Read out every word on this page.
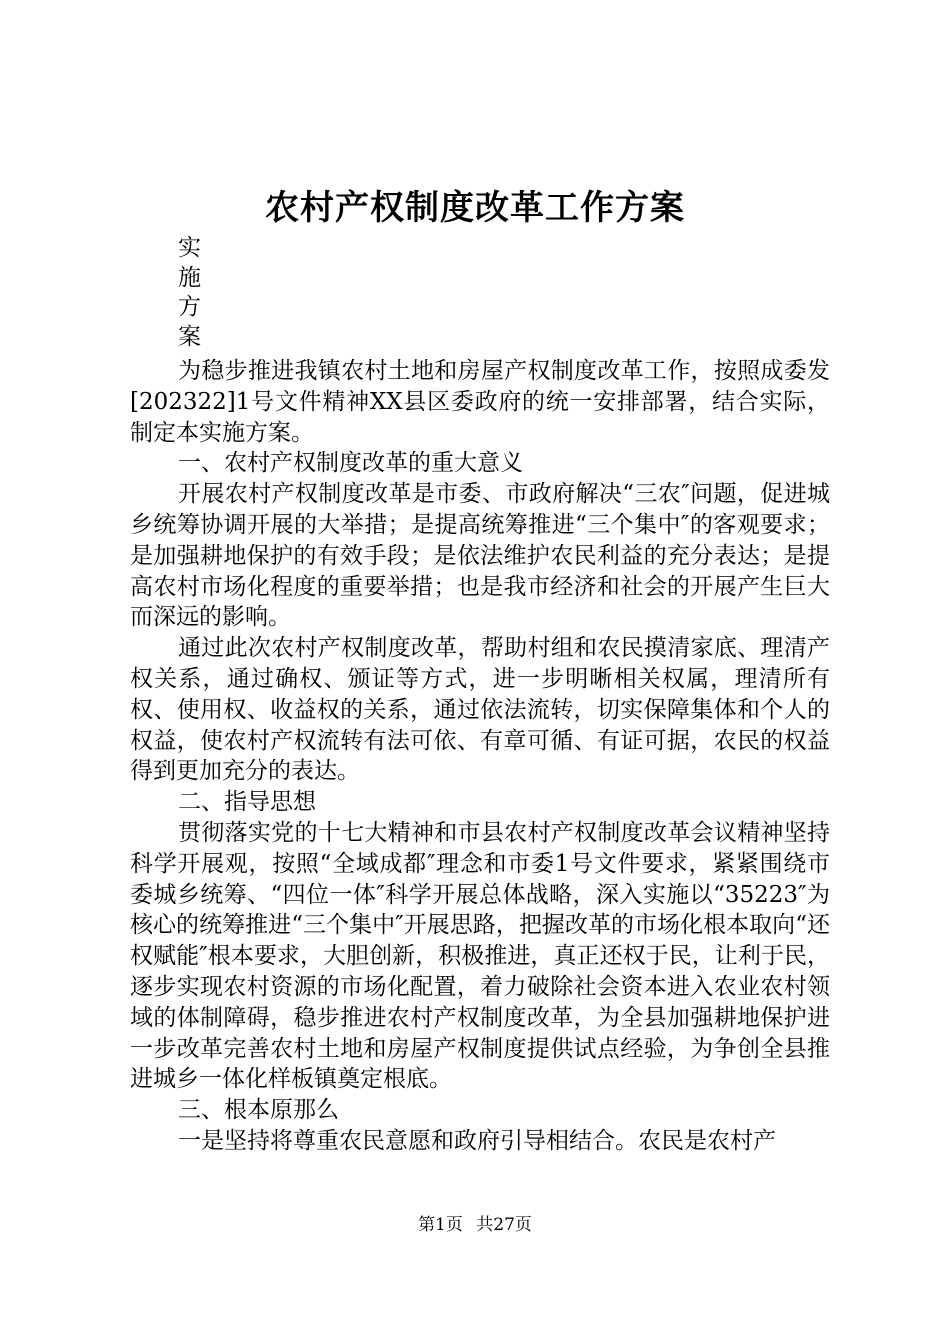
农村产权制度改革工作方案
实
施
方
案

为稳步推进我镇农村土地和房屋产权制度改革工作，按照成委发[202322]1号文件精神XX县区委政府的统一安排部署，结合实际，制定本实施方案。

一、农村产权制度改革的重大意义

开展农村产权制度改革是市委、市政府解决“三农″问题，促进城乡统筹协调开展的大举措；是提高统筹推进“三个集中″的客观要求；是加强耕地保护的有效手段；是依法维护农民利益的充分表达；是提高农村市场化程度的重要举措；也是我市经济和社会的开展产生巨大而深远的影响。

通过此次农村产权制度改革，帮助村组和农民摸清家底、理清产权关系，通过确权、颁证等方式，进一步明晰相关权属，理清所有权、使用权、收益权的关系，通过依法流转，切实保障集体和个人的权益，使农村产权流转有法可依、有章可循、有证可据，农民的权益得到更加充分的表达。

二、指导思想

贯彻落实党的十七大精神和市县农村产权制度改革会议精神坚持科学开展观，按照“全域成都″理念和市委1号文件要求，紧紧围绕市委城乡统筹、“四位一体″科学开展总体战略，深入实施以“35223″为核心的统筹推进“三个集中″开展思路，把握改革的市场化根本取向“还权赋能″根本要求，大胆创新，积极推进，真正还权于民，让利于民，逐步实现农村资源的市场化配置，着力破除社会资本进入农业农村领域的体制障碍，稳步推进农村产权制度改革，为全县加强耕地保护进一步改革完善农村土地和房屋产权制度提供试点经验，为争创全县推进城乡一体化样板镇奠定根底。

三、根本原那么

一是坚持将尊重农民意愿和政府引导相结合。农民是农村产

第1页 共27页
